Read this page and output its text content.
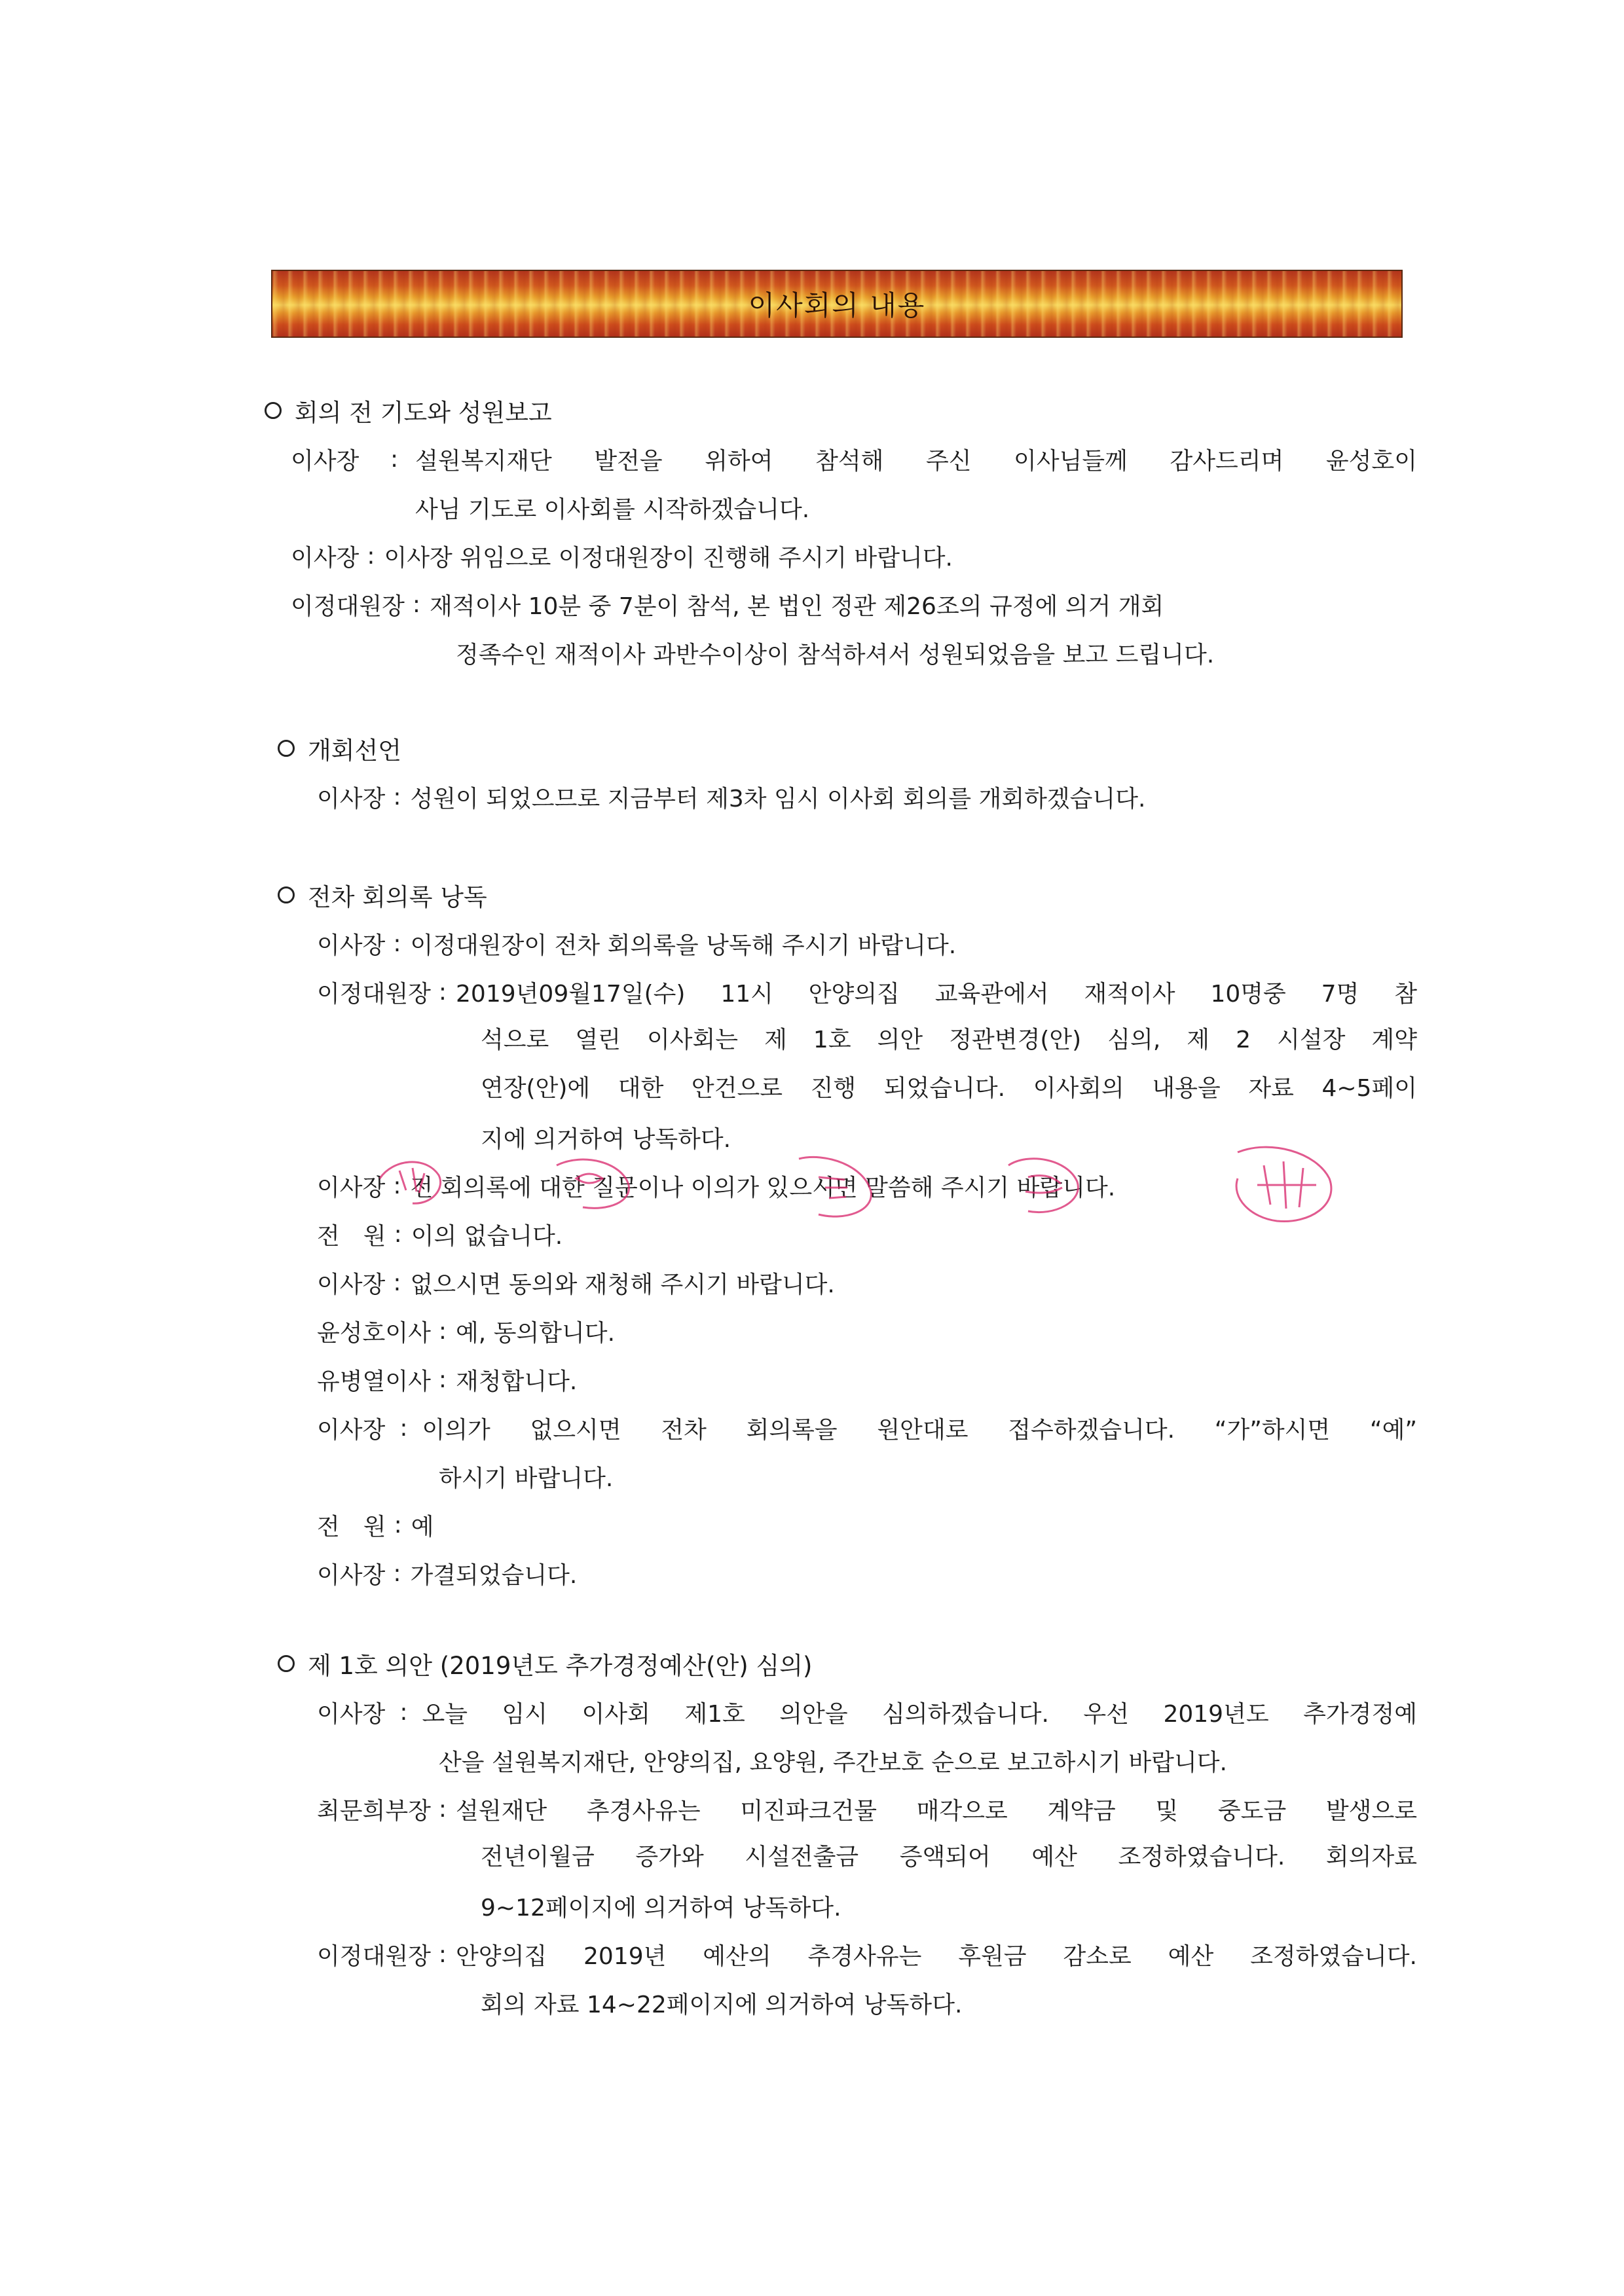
이사회의 내용
회의 전 기도와 성원보고
이사장	: 설원복지재단 발전을 위하여 참석해 주신 이사님들께 감사드리며 윤성호이
사님 기도로 이사회를 시작하겠습니다.
이사장 : 이사장 위임으로 이정대원장이 진행해 주시기 바랍니다.
이정대원장 : 재적이사 10분 중 7분이 참석, 본 법인 정관 제26조의 규정에 의거 개회
정족수인 재적이사 과반수이상이 참석하셔서 성원되었음을 보고 드립니다.
개회선언
이사장 : 성원이 되었으므로 지금부터 제3차 임시 이사회 회의를 개회하겠습니다.
전차 회의록 낭독
이사장 : 이정대원장이 전차 회의록을 낭독해 주시기 바랍니다.
이정대원장 : 2019년09월17일(수) 11시 안양의집 교육관에서 재적이사 10명중 7명 참
석으로 열린 이사회는 제 1호 의안 정관변경(안) 심의, 제 2 시설장 계약
연장(안)에 대한 안건으로 진행 되었습니다. 이사회의 내용을 자료 4~5페이
지에 의거하여 낭독하다.
이사장 : 전 회의록에 대한 질문이나 이의가 있으시면 말씀해 주시기 바랍니다.
전　원 : 이의 없습니다.
이사장 : 없으시면 동의와 재청해 주시기 바랍니다.
윤성호이사 : 예, 동의합니다.
유병열이사 : 재청합니다.
이사장 : 이의가 없으시면 전차 회의록을 원안대로 접수하겠습니다. “가”하시면 “예”
하시기 바랍니다.
전　원 : 예
이사장 : 가결되었습니다.
제 1호 의안 (2019년도 추가경정예산(안) 심의)
이사장 : 오늘 임시 이사회 제1호 의안을 심의하겠습니다. 우선 2019년도 추가경정예
산을 설원복지재단, 안양의집, 요양원, 주간보호 순으로 보고하시기 바랍니다.
최문희부장 : 설원재단 추경사유는 미진파크건물 매각으로 계약금 및 중도금 발생으로
전년이월금 증가와 시설전출금 증액되어 예산 조정하였습니다. 회의자료
9~12페이지에 의거하여 낭독하다.
이정대원장 : 안양의집 2019년 예산의 추경사유는 후원금 감소로 예산 조정하였습니다.
회의 자료 14~22페이지에 의거하여 낭독하다.
